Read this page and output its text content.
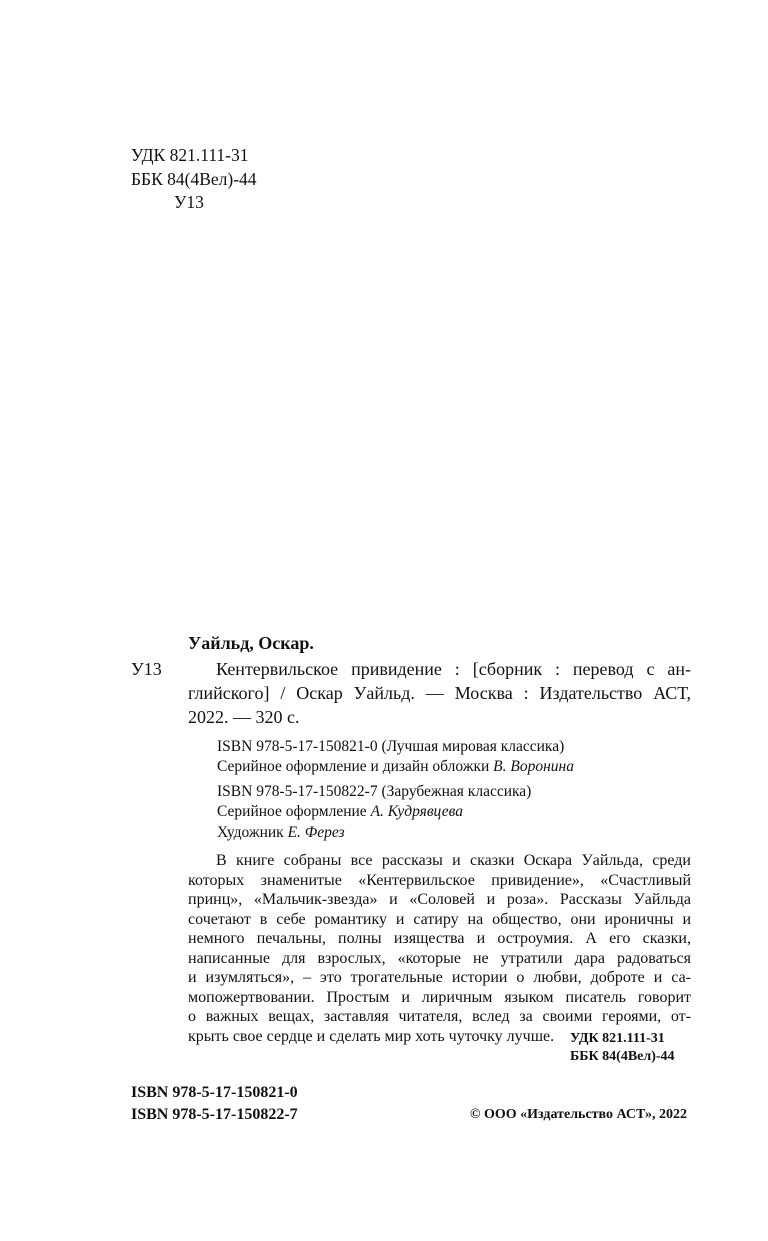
УДК 821.111-31
ББК 84(4Вел)-44
У13
Уайльд, Оскар.
У13	Кентервильское привидение : [сборник : перевод с ан-
глийского] / Оскар Уайльд. — Москва : Издательство АСТ,
2022. — 320 с.
ISBN 978-5-17-150821-0 (Лучшая мировая классика)
Серийное оформление и дизайн обложки В. Воронина
ISBN 978-5-17-150822-7 (Зарубежная классика)
Серийное оформление А. Кудрявцева
Художник Е. Ферез
В книге собраны все рассказы и сказки Оскара Уайльда, среди
которых знаменитые «Кентервильское привидение», «Счастливый
принц», «Мальчик-звезда» и «Соловей и роза». Рассказы Уайльда
сочетают в себе романтику и сатиру на общество, они ироничны и
немного печальны, полны изящества и остроумия. А его сказки,
написанные для взрослых, «которые не утратили дара радоваться
и изумляться», – это трогательные истории о любви, доброте и са-
мопожертвовании. Простым и лиричным языком писатель говорит
о важных вещах, заставляя читателя, вслед за своими героями, от-
крыть свое сердце и сделать мир хоть чуточку лучше.	УДК 821.111-31
ББК 84(4Вел)-44
ISBN 978-5-17-150821-0
ISBN 978-5-17-150822-7	© ООО «Издательство АСТ», 2022
